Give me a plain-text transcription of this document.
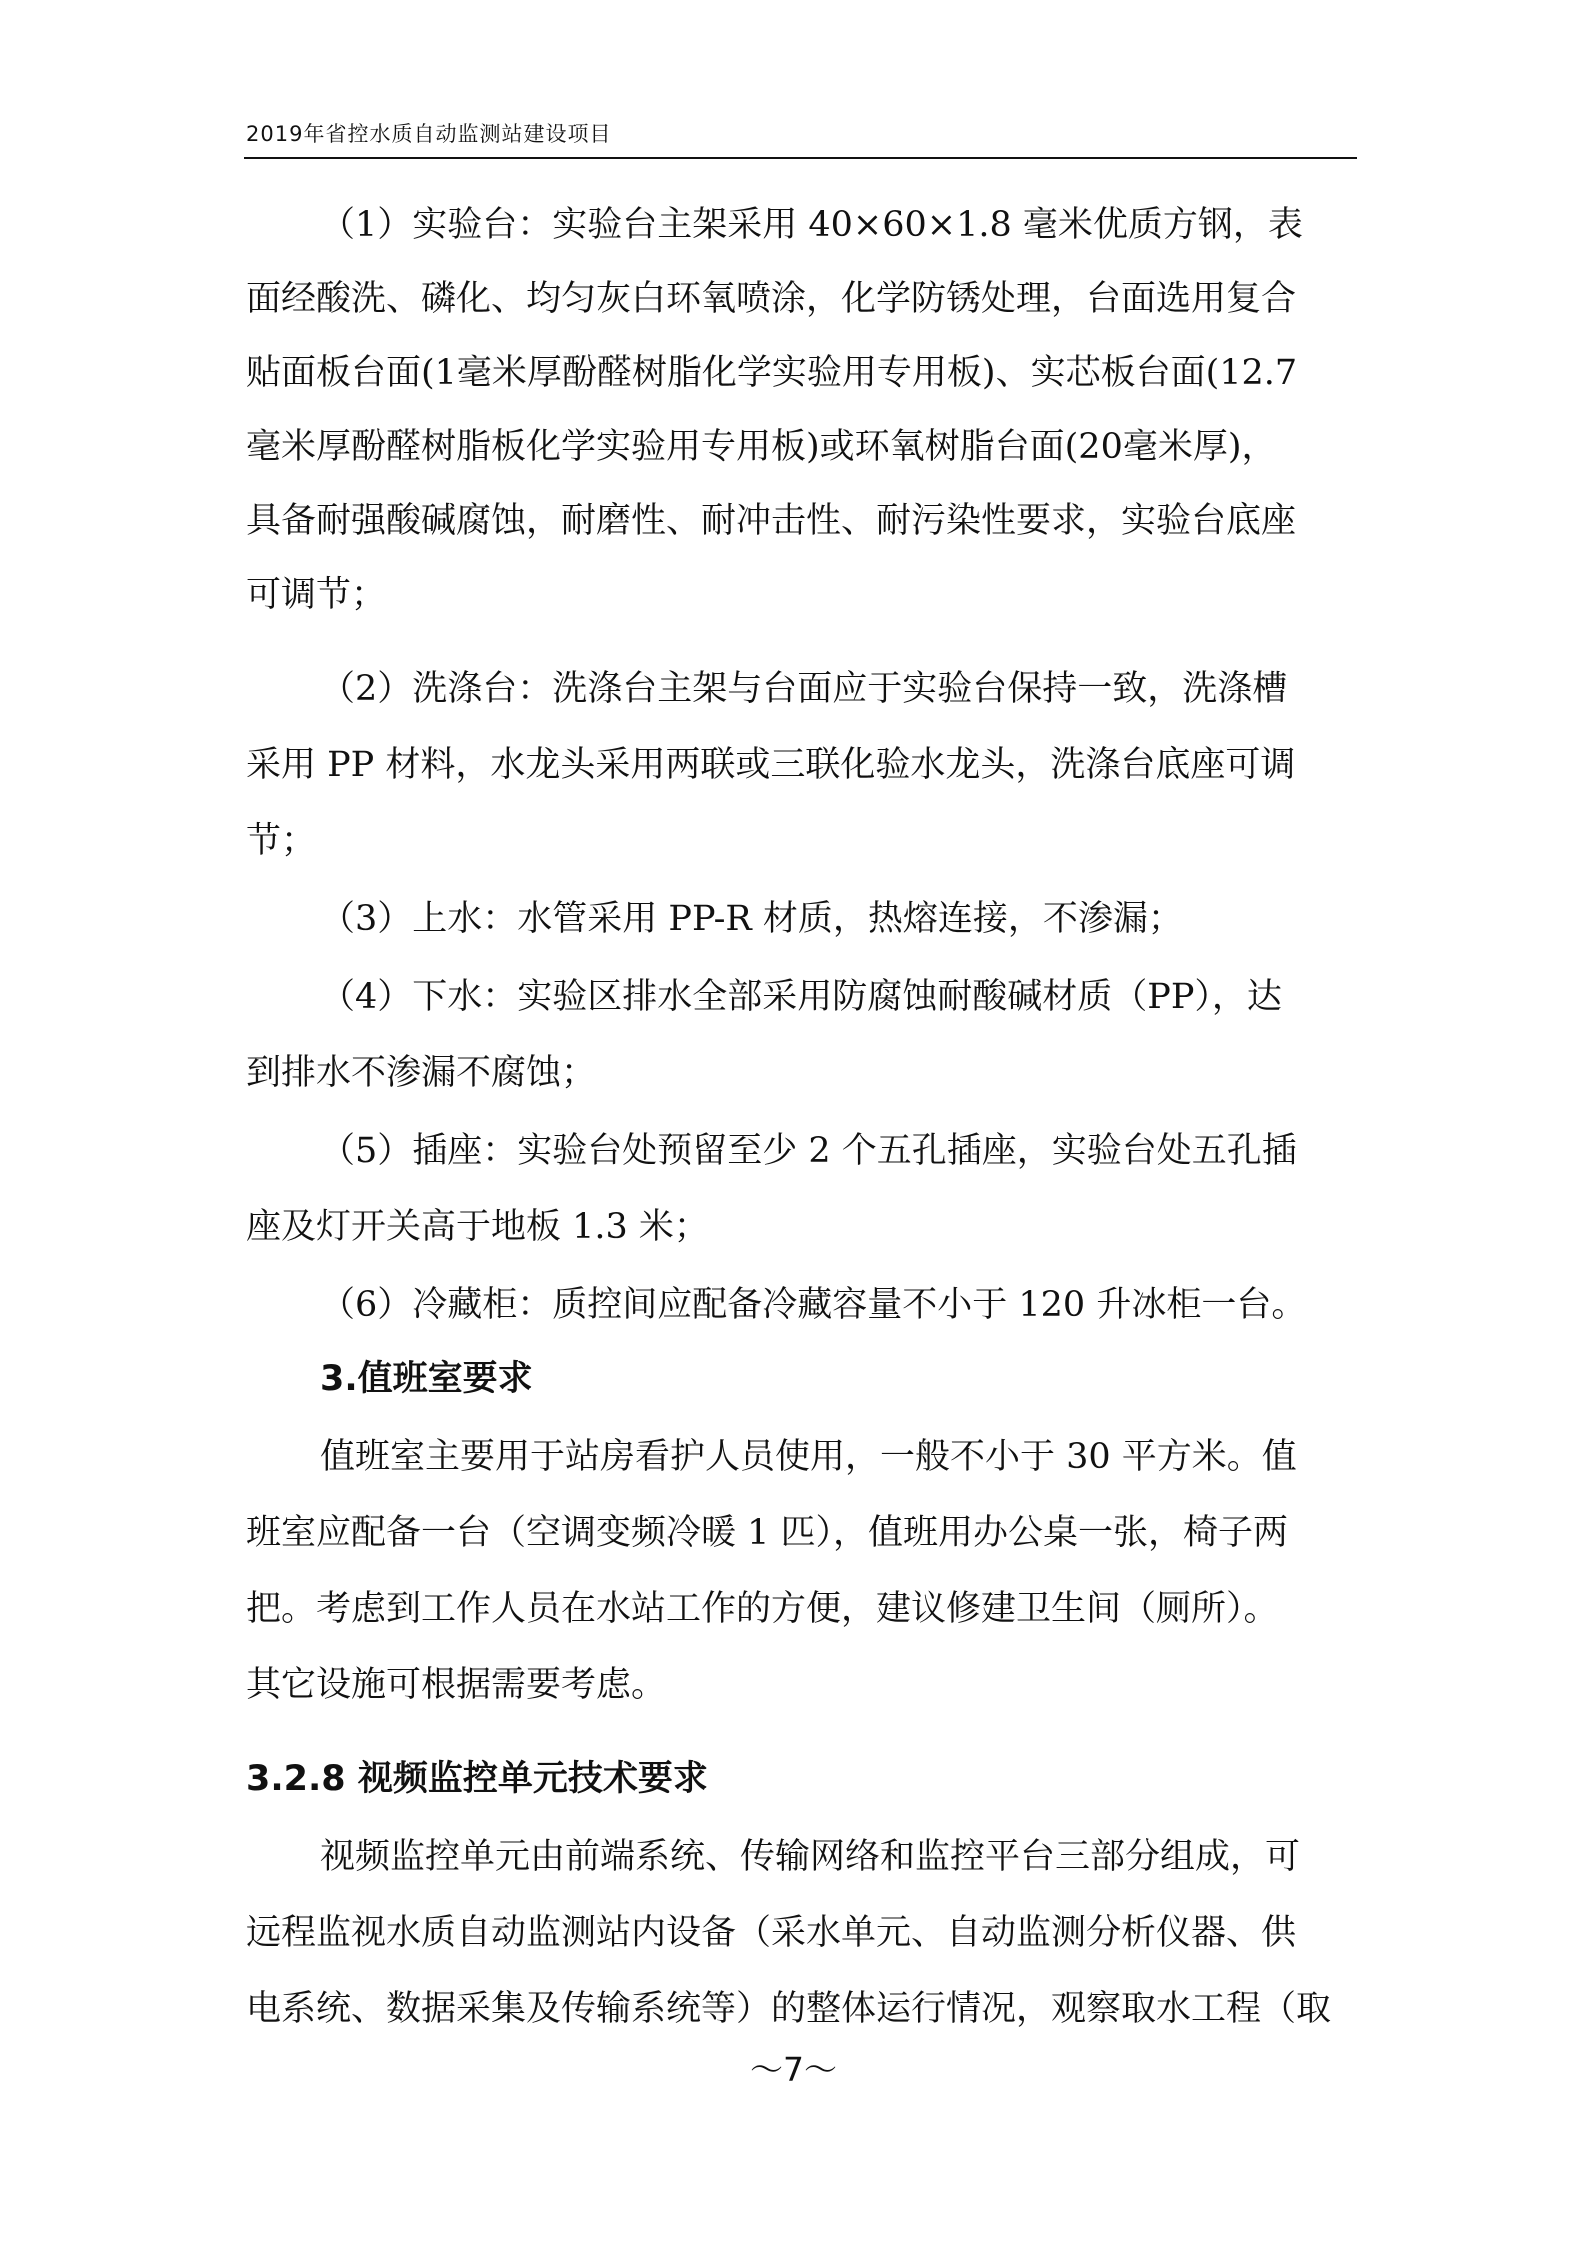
2019年省控水质自动监测站建设项目
（1）实验台：实验台主架采用 40×60×1.8 毫米优质方钢，表
面经酸洗、磷化、均匀灰白环氧喷涂，化学防锈处理，台面选用复合
贴面板台面(1毫米厚酚醛树脂化学实验用专用板)、实芯板台面(12.7
毫米厚酚醛树脂板化学实验用专用板)或环氧树脂台面(20毫米厚)，
具备耐强酸碱腐蚀，耐磨性、耐冲击性、耐污染性要求，实验台底座
可调节；
（2）洗涤台：洗涤台主架与台面应于实验台保持一致，洗涤槽
采用 PP 材料，水龙头采用两联或三联化验水龙头，洗涤台底座可调
节；
（3）上水：水管采用 PP-R 材质，热熔连接，不渗漏；
（4）下水：实验区排水全部采用防腐蚀耐酸碱材质（PP），达
到排水不渗漏不腐蚀；
（5）插座：实验台处预留至少 2 个五孔插座，实验台处五孔插
座及灯开关高于地板 1.3 米；
（6）冷藏柜：质控间应配备冷藏容量不小于 120 升冰柜一台。
3.值班室要求
值班室主要用于站房看护人员使用，一般不小于 30 平方米。值
班室应配备一台（空调变频冷暖 1 匹），值班用办公桌一张，椅子两
把。考虑到工作人员在水站工作的方便，建议修建卫生间（厕所）。
其它设施可根据需要考虑。
3.2.8 视频监控单元技术要求
视频监控单元由前端系统、传输网络和监控平台三部分组成，可
远程监视水质自动监测站内设备（采水单元、自动监测分析仪器、供
电系统、数据采集及传输系统等）的整体运行情况，观察取水工程（取
～7～
